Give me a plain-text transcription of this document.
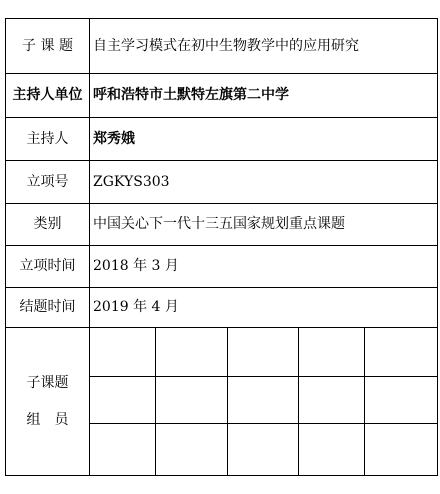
子 课 题	自主学习模式在初中生物教学中的应用研究				
主持人单位	呼和浩特市土默特左旗第二中学				
主持人	郑秀娥				
立项号	ZGKYS303				
类别	中国关心下一代十三五国家规划重点课题				
立项时间	2018 年 3 月				
结题时间	2019 年 4 月				

子课题
组　员					
